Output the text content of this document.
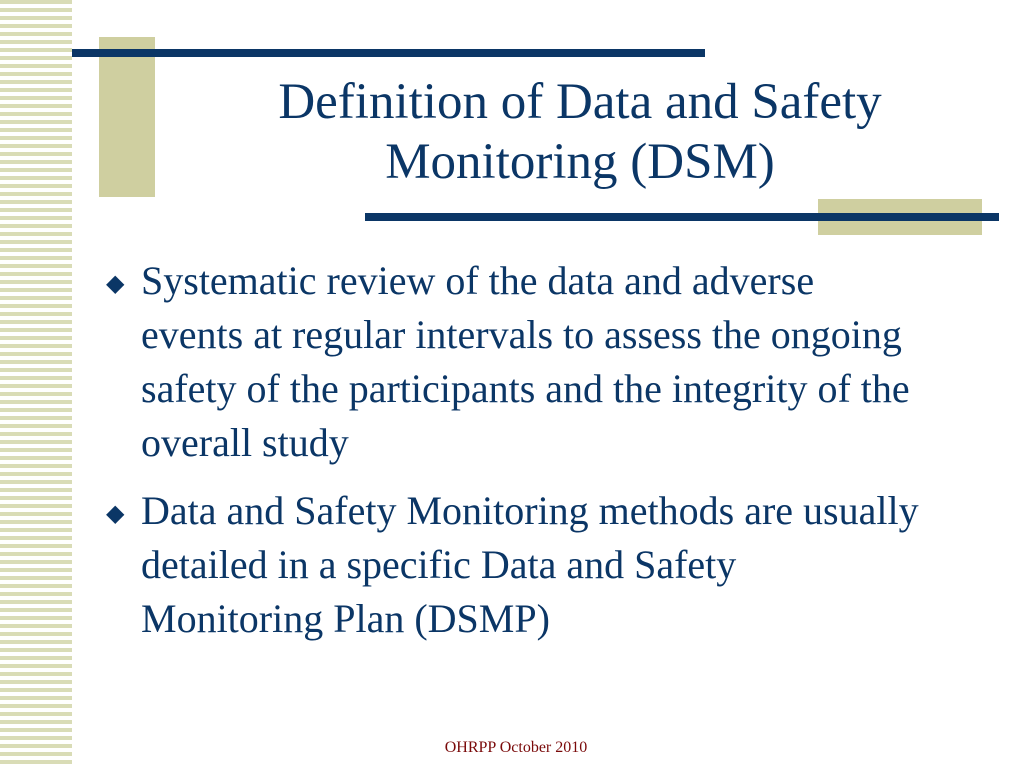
Definition of Data and Safety
Monitoring (DSM)
◆ Systematic review of the data and adverse events at regular intervals to assess the ongoing safety of the participants and the integrity of the overall study
◆ Data and Safety Monitoring methods are usually detailed in a specific Data and Safety Monitoring Plan (DSMP)
OHRPP October 2010
